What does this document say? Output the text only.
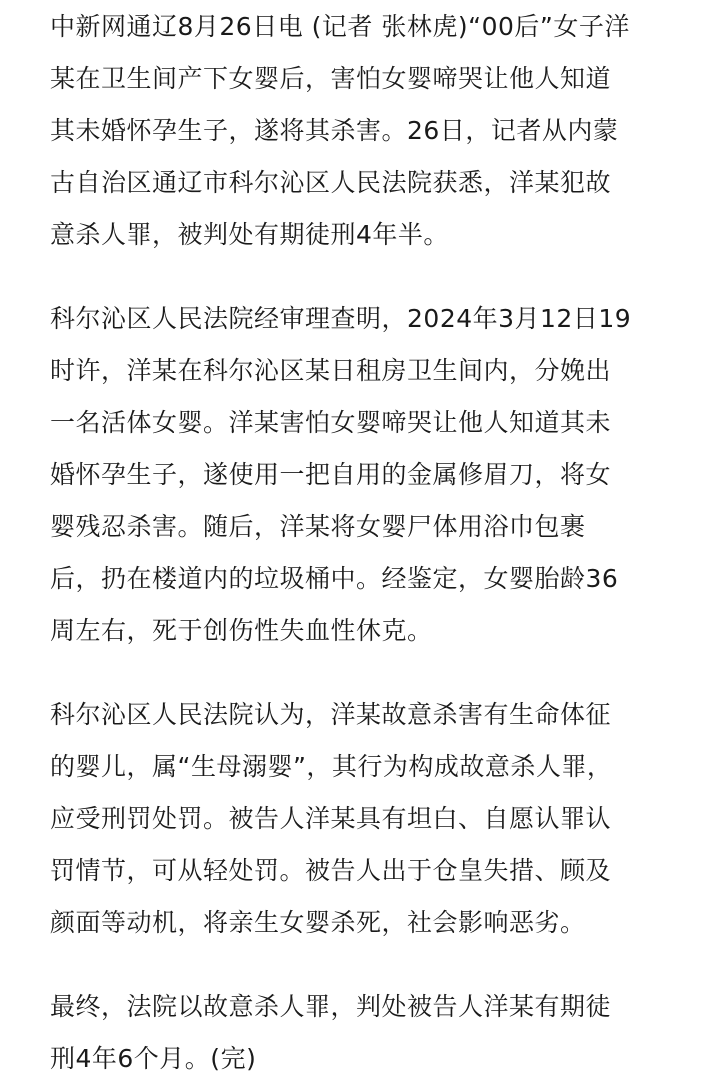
中新网通辽8月26日电 (记者 张林虎)“00后”女子洋
某在卫生间产下女婴后，害怕女婴啼哭让他人知道
其未婚怀孕生子，遂将其杀害。26日，记者从内蒙
古自治区通辽市科尔沁区人民法院获悉，洋某犯故
意杀人罪，被判处有期徒刑4年半。

科尔沁区人民法院经审理查明，2024年3月12日19
时许，洋某在科尔沁区某日租房卫生间内，分娩出
一名活体女婴。洋某害怕女婴啼哭让他人知道其未
婚怀孕生子，遂使用一把自用的金属修眉刀，将女
婴残忍杀害。随后，洋某将女婴尸体用浴巾包裹
后，扔在楼道内的垃圾桶中。经鉴定，女婴胎龄36
周左右，死于创伤性失血性休克。

科尔沁区人民法院认为，洋某故意杀害有生命体征
的婴儿，属“生母溺婴”，其行为构成故意杀人罪，
应受刑罚处罚。被告人洋某具有坦白、自愿认罪认
罚情节，可从轻处罚。被告人出于仓皇失措、顾及
颜面等动机，将亲生女婴杀死，社会影响恶劣。

最终，法院以故意杀人罪，判处被告人洋某有期徒
刑4年6个月。(完)
